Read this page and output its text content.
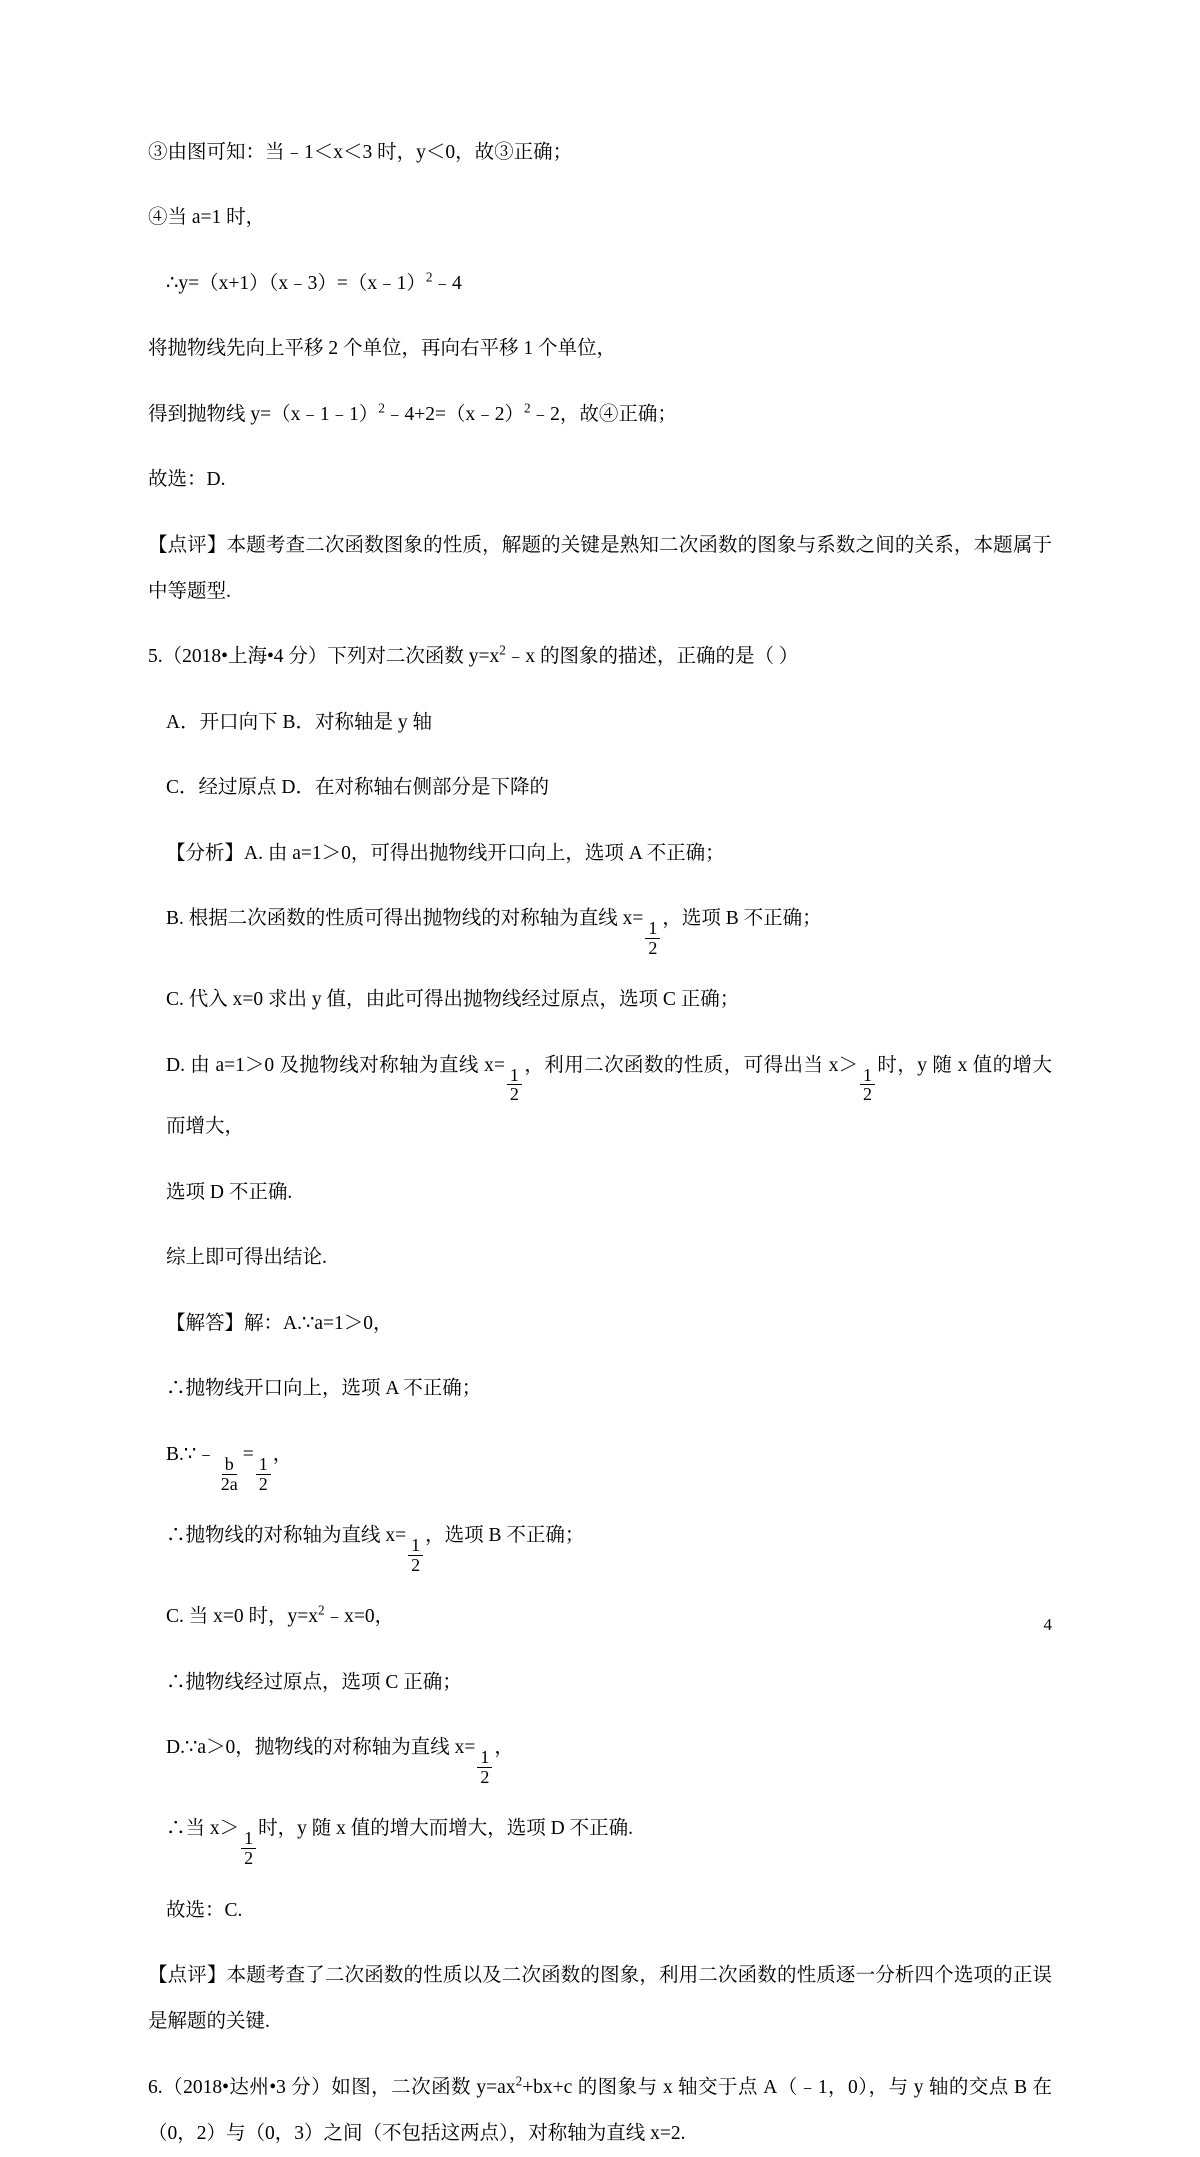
③由图可知：当﹣1＜x＜3 时，y＜0，故③正确；

④当 a=1 时，

∴y=（x+1）（x﹣3）=（x﹣1）$^2$﹣4

将抛物线先向上平移 2 个单位，再向右平移 1 个单位，

得到抛物线 y=（x﹣1﹣1）$^2$﹣4+2=（x﹣2）$^2$﹣2，故④正确；

故选：D.

【点评】本题考查二次函数图象的性质，解题的关键是熟知二次函数的图象与系数之间的关系，本题属于中等题型.

5.（2018•上海•4 分）下列对二次函数 $y=x^2﹣x$ 的图象的描述，正确的是（ ）

A．开口向下 B．对称轴是 y 轴

C．经过原点 D．在对称轴右侧部分是下降的

【分析】A. 由 a=1＞0，可得出抛物线开口向上，选项 A 不正确；

B. 根据二次函数的性质可得出抛物线的对称轴为直线 x=
$\frac{1}{2}$
，选项 B 不正确；

C. 代入 x=0 求出 y 值，由此可得出抛物线经过原点，选项 C 正确；

D. 由 a=1＞0 及抛物线对称轴为直线 x=
$\frac{1}{2}$
，利用二次函数的性质，可得出当 x＞
$\frac{1}{2}$
时，y 随 x 值的增大而增大，

选项 D 不正确.

综上即可得出结论.

【解答】解：A.∵a=1＞0，

∴抛物线开口向上，选项 A 不正确；

B.∵﹣
$\frac{b}{2a}$
=
$\frac{1}{2}$
，

∴抛物线的对称轴为直线 x=
$\frac{1}{2}$
，选项 B 不正确；

C. 当 x=0 时，$y=x^2﹣x=0$，

∴抛物线经过原点，选项 C 正确；

D.∵a＞0，抛物线的对称轴为直线 x=
$\frac{1}{2}$
，

∴当 x＞
$\frac{1}{2}$
时，y 随 x 值的增大而增大，选项 D 不正确.

故选：C.

【点评】本题考查了二次函数的性质以及二次函数的图象，利用二次函数的性质逐一分析四个选项的正误是解题的关键.

6.（2018•达州•3 分）如图，二次函数 $y=ax^2+bx+c$ 的图象与 x 轴交于点 A（﹣1，0），与 y 轴的交点 B 在（0，2）与（0，3）之间（不包括这两点），对称轴为直线 x=2.

4
